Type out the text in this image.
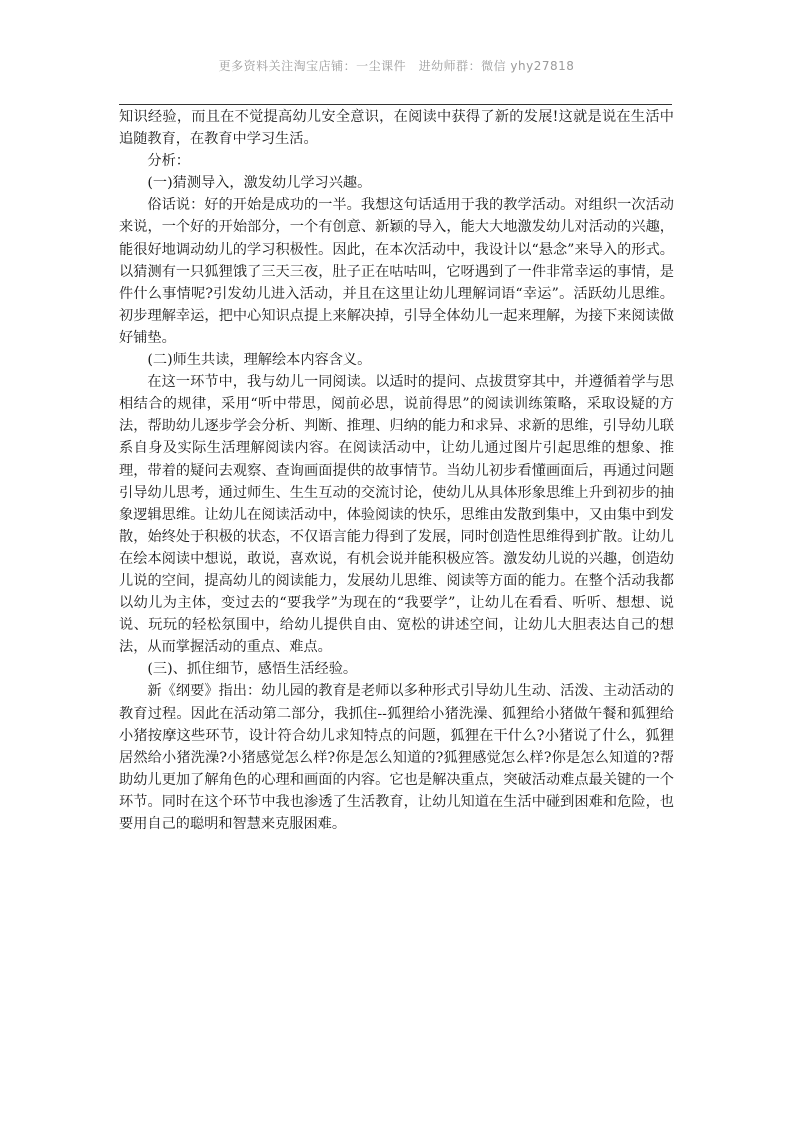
更多资料关注淘宝店铺：一尘课件　进幼师群：微信 yhy27818

知识经验，而且在不觉提高幼儿安全意识，在阅读中获得了新的发展!这就是说在生活中追随教育，在教育中学习生活。

分析：

(一)猜测导入，激发幼儿学习兴趣。

俗话说：好的开始是成功的一半。我想这句话适用于我的教学活动。对组织一次活动来说，一个好的开始部分，一个有创意、新颖的导入，能大大地激发幼儿对活动的兴趣，能很好地调动幼儿的学习积极性。因此，在本次活动中，我设计以“悬念”来导入的形式。以猜测有一只狐狸饿了三天三夜，肚子正在咕咕叫，它呀遇到了一件非常幸运的事情，是件什么事情呢?引发幼儿进入活动，并且在这里让幼儿理解词语“幸运”。活跃幼儿思维。初步理解幸运，把中心知识点提上来解决掉，引导全体幼儿一起来理解，为接下来阅读做好铺垫。

(二)师生共读，理解绘本内容含义。

在这一环节中，我与幼儿一同阅读。以适时的提问、点拔贯穿其中，并遵循着学与思相结合的规律，采用“听中带思，阅前必思，说前得思”的阅读训练策略，采取设疑的方法，帮助幼儿逐步学会分析、判断、推理、归纳的能力和求异、求新的思维，引导幼儿联系自身及实际生活理解阅读内容。在阅读活动中，让幼儿通过图片引起思维的想象、推理，带着的疑问去观察、查询画面提供的故事情节。当幼儿初步看懂画面后，再通过问题引导幼儿思考，通过师生、生生互动的交流讨论，使幼儿从具体形象思维上升到初步的抽象逻辑思维。让幼儿在阅读活动中，体验阅读的快乐，思维由发散到集中，又由集中到发散，始终处于积极的状态，不仅语言能力得到了发展，同时创造性思维得到扩散。让幼儿在绘本阅读中想说，敢说，喜欢说，有机会说并能积极应答。激发幼儿说的兴趣，创造幼儿说的空间，提高幼儿的阅读能力，发展幼儿思维、阅读等方面的能力。在整个活动我都以幼儿为主体，变过去的“要我学”为现在的“我要学”，让幼儿在看看、听听、想想、说说、玩玩的轻松氛围中，给幼儿提供自由、宽松的讲述空间，让幼儿大胆表达自己的想法，从而掌握活动的重点、难点。

(三)、抓住细节，感悟生活经验。

新《纲要》指出：幼儿园的教育是老师以多种形式引导幼儿生动、活泼、主动活动的教育过程。因此在活动第二部分，我抓住--狐狸给小猪洗澡、狐狸给小猪做午餐和狐狸给小猪按摩这些环节，设计符合幼儿求知特点的问题，狐狸在干什么?小猪说了什么，狐狸居然给小猪洗澡?小猪感觉怎么样?你是怎么知道的?狐狸感觉怎么样?你是怎么知道的?帮助幼儿更加了解角色的心理和画面的内容。它也是解决重点，突破活动难点最关键的一个环节。同时在这个环节中我也渗透了生活教育，让幼儿知道在生活中碰到困难和危险，也要用自己的聪明和智慧来克服困难。
